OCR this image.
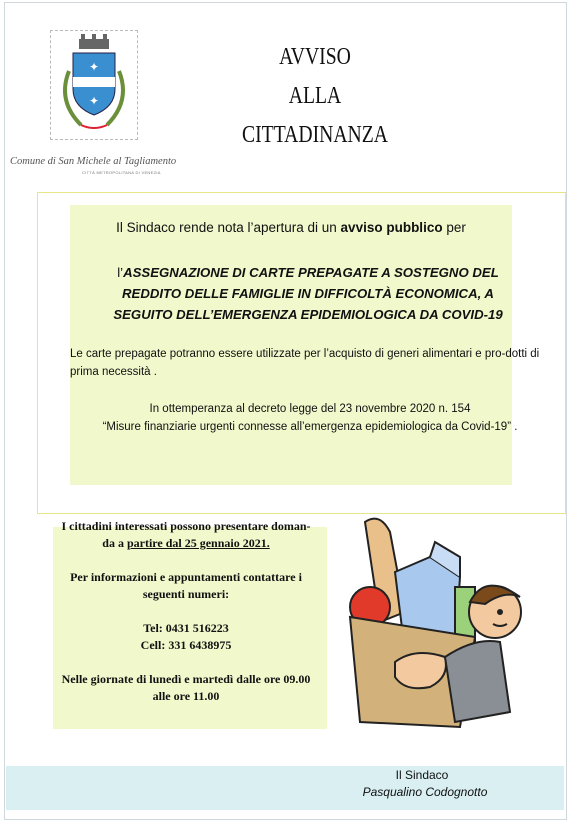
✦
✦
Comune di San Michele al Tagliamento
CITTÀ METROPOLITANA DI VENEZIA
AVVISO
ALLA CITTADINANZA
Il Sindaco rende nota l’apertura di un avviso pubblico per
l’ASSEGNAZIONE DI CARTE PREPAGATE A SOSTEGNO DEL REDDITO DELLE FAMIGLIE IN DIFFICOLTÀ ECONOMICA, A SEGUITO DELL’EMERGENZA EPIDEMIOLOGICA DA COVID-19
Le carte prepagate potranno essere utilizzate per l’acquisto di generi alimentari e pro-dotti di prima necessità .
In ottemperanza al decreto legge del 23 novembre 2020 n. 154
“Misure finanziarie urgenti connesse all’emergenza epidemiologica da Covid-19” .

I cittadini interessati possono presentare doman-

da a partire dal 25 gennaio 2021.

Per informazioni e appuntamenti contattare i seguenti numeri:

Tel: 0431 516223

Cell: 331 6438975

Nelle giornate di lunedì e martedì dalle ore 09.00 alle ore 11.00

Il Sindaco
Pasqualino Codognotto
